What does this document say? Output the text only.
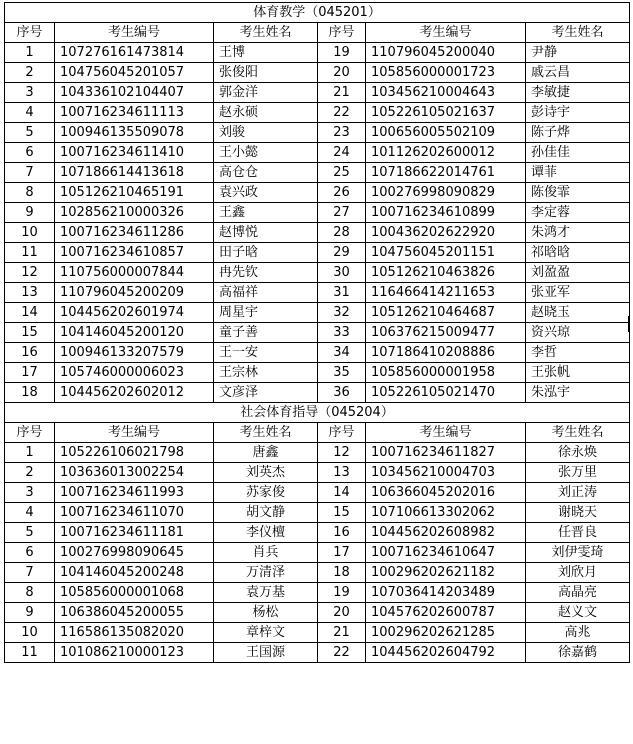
体育教学（045201）					
序号	考生编号	考生姓名	序号	考生编号	考生姓名
1	107276161473814	王博	19	110796045200040	尹静
2	104756045201057	张俊阳	20	105856000001723	戚云昌
3	104336102104407	郭金洋	21	103456210004643	李敏捷
4	100716234611113	赵永硕	22	105226105021637	彭诗宇
5	100946135509078	刘骏	23	100656005502109	陈子烨
6	100716234611410	王小懿	24	101126202600012	孙佳佳
7	107186614413618	高仓仓	25	107186622014761	谭菲
8	105126210465191	袁兴政	26	100276998090829	陈俊霏
9	102856210000326	王鑫	27	100716234610899	李定蓉
10	100716234611286	赵博悦	28	100436202622920	朱鸿才
11	100716234610857	田子晗	29	104756045201151	祁晗晗
12	110756000007844	冉先钦	30	105126210463826	刘盈盈
13	110796045200209	高福祥	31	116466414211653	张亚军
14	104456202601974	周星宇	32	105126210464687	赵晓玉
15	104146045200120	童子善	33	106376215009477	资兴琼
16	100946133207579	王一安	34	107186410208886	李哲
17	105746000006023	王宗林	35	105856000001958	王张帆
18	104456202602012	文彦泽	36	105226105021470	朱泓宇
社会体育指导（045204）					
序号	考生编号	考生姓名	序号	考生编号	考生姓名
1	105226106021798	唐鑫	12	100716234611827	徐永焕
2	103636013002254	刘英杰	13	103456210004703	张万里
3	100716234611993	苏家俊	14	106366045202016	刘正涛
4	100716234611070	胡文静	15	107106613302062	谢晓天
5	100716234611181	李仪檀	16	104456202608982	任晋良
6	100276998090645	肖兵	17	100716234610647	刘伊雯琦
7	104146045200248	万清泽	18	100296202621182	刘欣月
8	105856000001068	袁万基	19	107036414203489	高晶亮
9	106386045200055	杨松	20	104576202600787	赵义文
10	116586135082020	章梓文	21	100296202621285	高兆
11	101086210000123	王国源	22	104456202604792	徐嘉鹤
